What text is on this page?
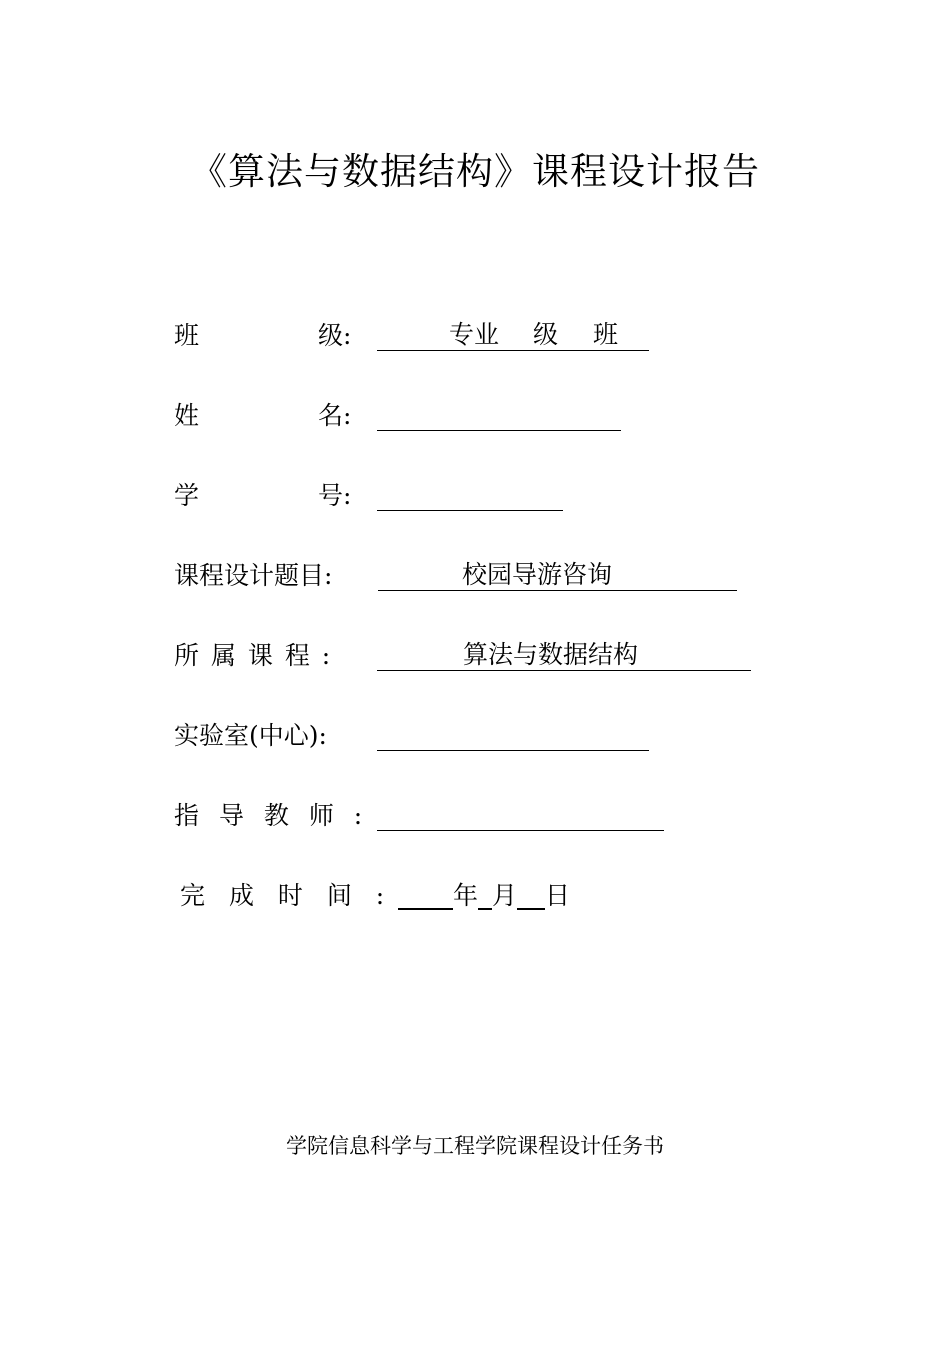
《算法与数据结构》课程设计报告
班	级:	专业 级 班
姓	名:
学	号:
课程设计题目:	校园导游咨询
所 属 课 程 :	算法与数据结构
实验室(中心):
指 导 教 师 :
完 成 时 间 :	年 月 日
学院信息科学与工程学院课程设计任务书
